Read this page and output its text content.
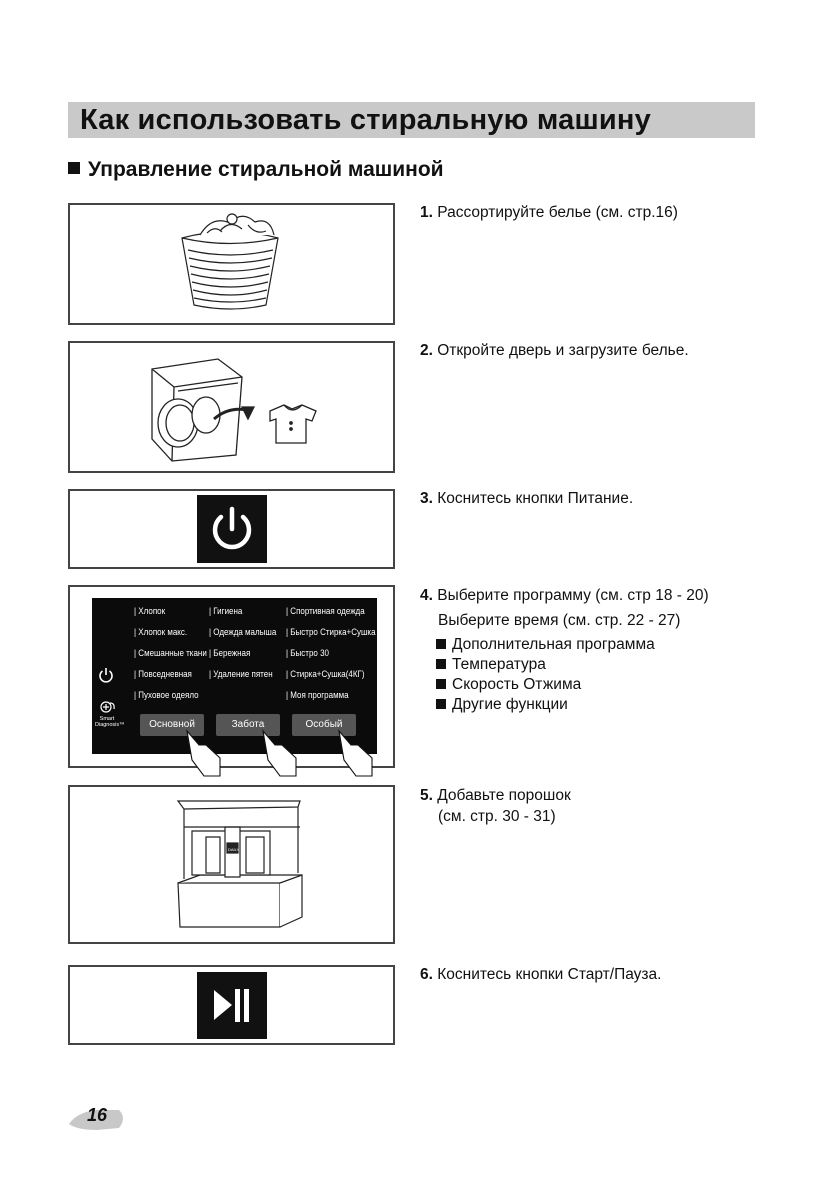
Как использовать стиральную машину
Управление стиральной машиной
1. Рассортируйте белье (см. стр.16)
2. Откройте дверь и загрузите белье.
3. Коснитесь кнопки Питание.
Smart
Diagnosis™
| Хлопок
| Хлопок макс.
| Смешанные ткани
| Повседневная
| Пуховое одеяло
| Гигиена
| Одежда малыша
| Бережная
| Удаление пятен
| Спортивная одежда
| Быстро Стирка+Сушка
| Быстро 30
| Стирка+Сушка(4КГ)
| Моя программа
Основной	Забота	Особый
4. Выберите программу (см. стр 18 - 20)
Выберите время (см. стр. 22 - 27)
Дополнительная программа
Температура
Скорость Отжима
Другие функции
DAILY
5. Добавьте порошок
(см. стр. 30 - 31)
6. Коснитесь кнопки Старт/Пауза.
16
